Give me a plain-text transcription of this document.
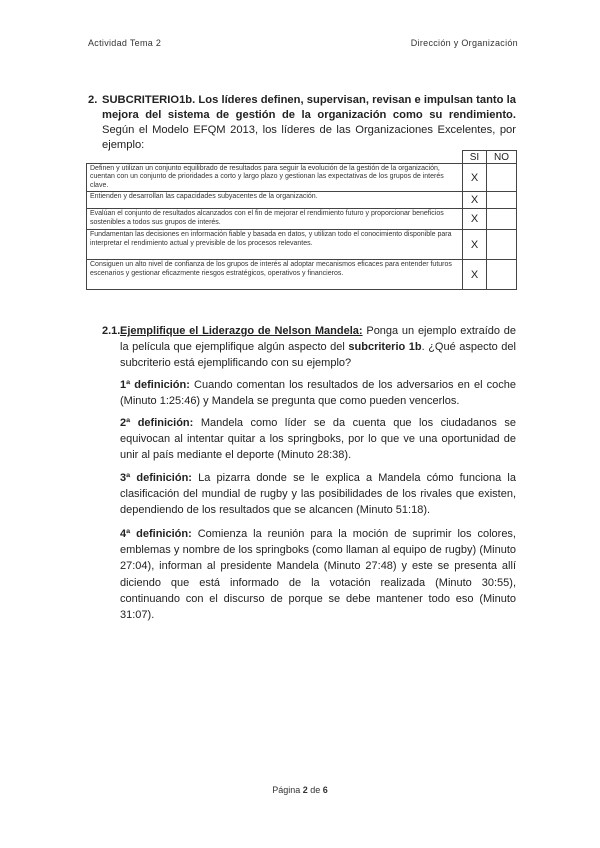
Actividad Tema 2	Dirección y Organización
2. SUBCRITERIO1b. Los líderes definen, supervisan, revisan e impulsan tanto la mejora del sistema de gestión de la organización como su rendimiento. Según el Modelo EFQM 2013, los líderes de las Organizaciones Excelentes, por ejemplo:
	SI	NO
Definen y utilizan un conjunto equilibrado de resultados para seguir la evolución de la gestión de la organización, cuentan con un conjunto de prioridades a corto y largo plazo y gestionan las expectativas de los grupos de interés clave.	X	
Entienden y desarrollan las capacidades subyacentes de la organización.	X	
Evalúan el conjunto de resultados alcanzados con el fin de mejorar el rendimiento futuro y proporcionar beneficios sostenibles a todos sus grupos de interés.	X	
Fundamentan las decisiones en información fiable y basada en datos, y utilizan todo el conocimiento disponible para interpretar el rendimiento actual y previsible de los procesos relevantes.	X	
Consiguen un alto nivel de confianza de los grupos de interés al adoptar mecanismos eficaces para entender futuros escenarios y gestionar eficazmente riesgos estratégicos, operativos y financieros.	X	
2.1. Ejemplifique el Liderazgo de Nelson Mandela: Ponga un ejemplo extraído de la película que ejemplifique algún aspecto del subcriterio 1b. ¿Qué aspecto del subcriterio está ejemplificando con su ejemplo?
1ª definición: Cuando comentan los resultados de los adversarios en el coche (Minuto 1:25:46) y Mandela se pregunta que como pueden vencerlos.
2ª definición: Mandela como líder se da cuenta que los ciudadanos se equivocan al intentar quitar a los springboks, por lo que ve una oportunidad de unir al país mediante el deporte (Minuto 28:38).
3ª definición: La pizarra donde se le explica a Mandela cómo funciona la clasificación del mundial de rugby y las posibilidades de los rivales que existen, dependiendo de los resultados que se alcancen (Minuto 51:18).
4ª definición: Comienza la reunión para la moción de suprimir los colores, emblemas y nombre de los springboks (como llaman al equipo de rugby) (Minuto 27:04), informan al presidente Mandela (Minuto 27:48) y este se presenta allí diciendo que está informado de la votación realizada (Minuto 30:55), continuando con el discurso de porque se debe mantener todo eso (Minuto 31:07).
Página 2 de 6
